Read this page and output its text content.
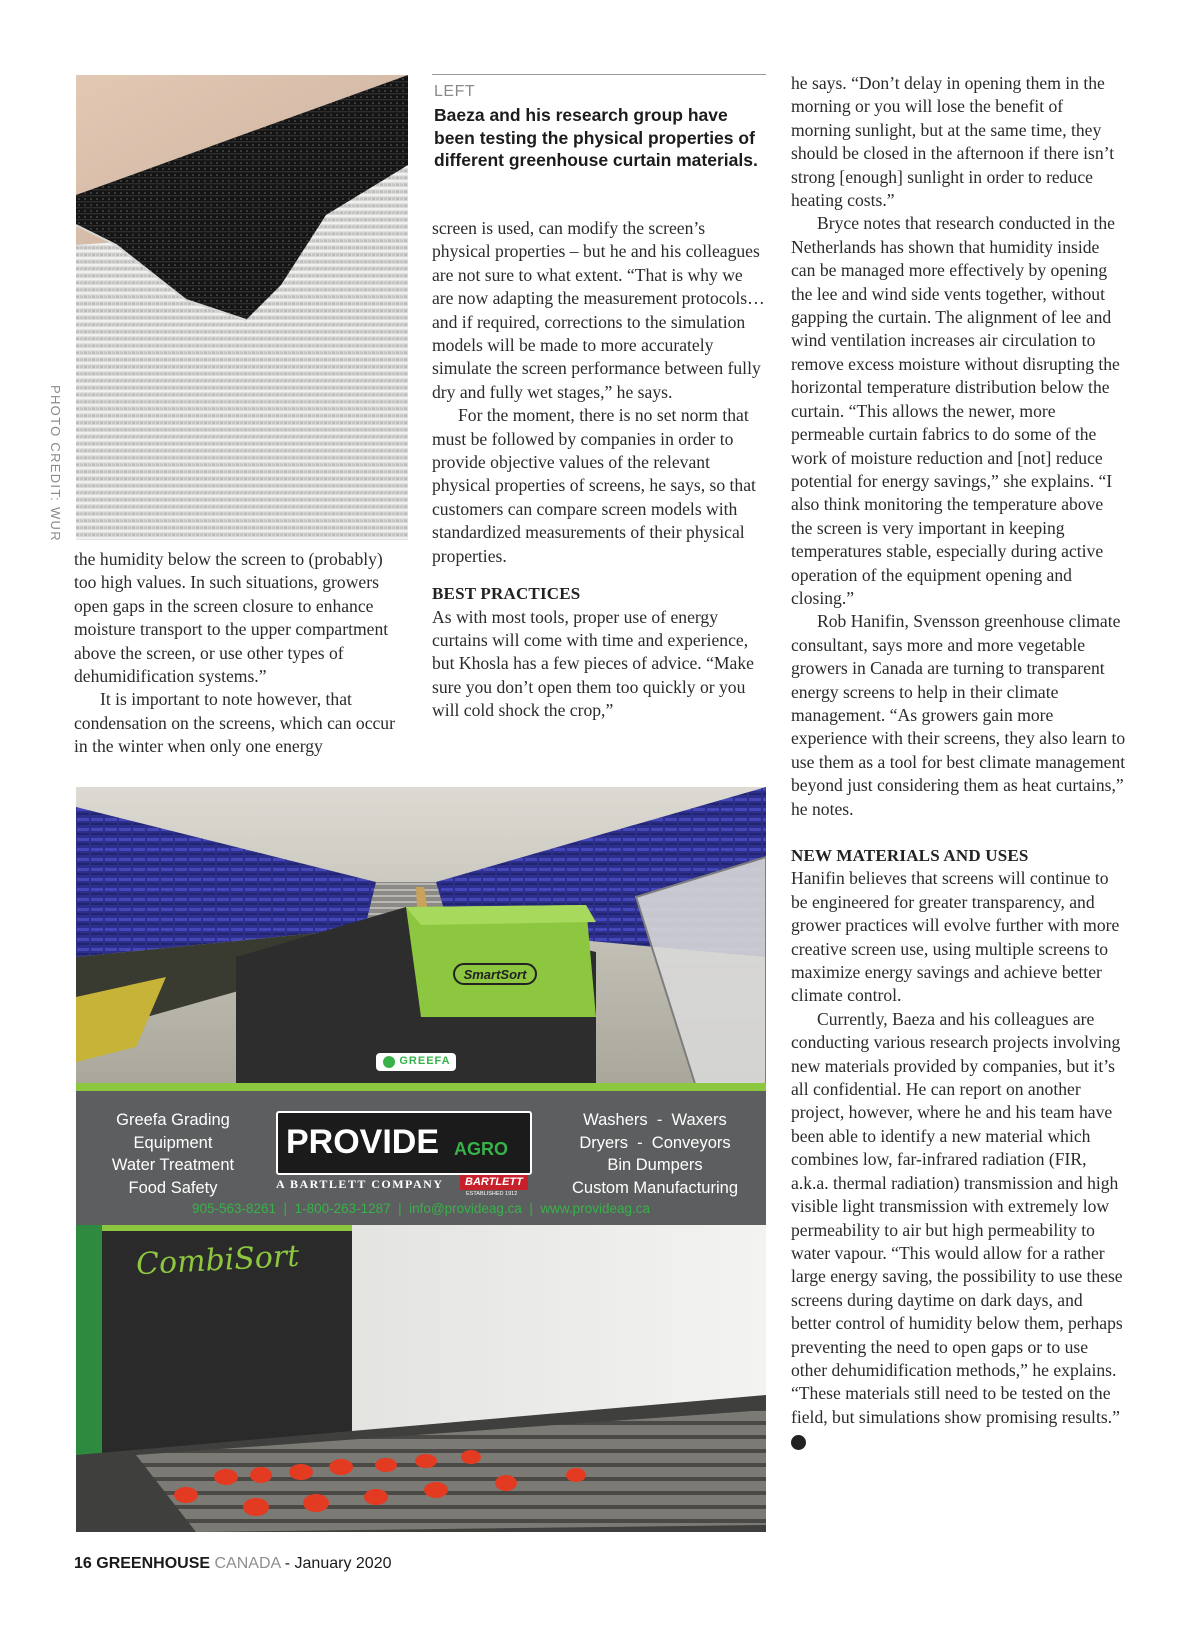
PHOTO CREDIT: WUR
LEFT
Baeza and his research group have been testing the physical properties of different greenhouse curtain materials.

the humidity below the screen to (probably) too high values. In such situations, growers open gaps in the screen closure to enhance moisture transport to the upper compartment above the screen, or use other types of dehumidification systems.”

It is important to note however, that condensation on the screens, which can occur in the winter when only one energy

screen is used, can modify the screen’s physical properties – but he and his colleagues are not sure to what extent. “That is why we are now adapting the measurement protocols…and if required, corrections to the simulation models will be made to more accurately simulate the screen performance between fully dry and fully wet stages,” he says.

For the moment, there is no set norm that must be followed by companies in order to provide objective values of the relevant physical properties of screens, he says, so that customers can compare screen models with standardized measurements of their physical properties.

BEST PRACTICES

As with most tools, proper use of energy curtains will come with time and experience, but Khosla has a few pieces of advice. “Make sure you don’t open them too quickly or you will cold shock the crop,”

he says. “Don’t delay in opening them in the morning or you will lose the benefit of morning sunlight, but at the same time, they should be closed in the afternoon if there isn’t strong [enough] sunlight in order to reduce heating costs.”

Bryce notes that research conducted in the Netherlands has shown that humidity inside can be managed more effectively by opening the lee and wind side vents together, without gapping the curtain. The alignment of lee and wind ventilation increases air circulation to remove excess moisture without disrupting the horizontal temperature distribution below the curtain. “This allows the newer, more permeable curtain fabrics to do some of the work of moisture reduction and [not] reduce potential for energy savings,” she explains. “I also think monitoring the temperature above the screen is very important in keeping temperatures stable, especially during active operation of the equipment opening and closing.”

Rob Hanifin, Svensson greenhouse climate consultant, says more and more vegetable growers in Canada are turning to transparent energy screens to help in their climate management. “As growers gain more experience with their screens, they also learn to use them as a tool for best climate management beyond just considering them as heat curtains,” he notes.

NEW MATERIALS AND USES

Hanifin believes that screens will continue to be engineered for greater transparency, and grower practices will evolve further with more creative screen use, using multiple screens to maximize energy savings and achieve better climate control.

Currently, Baeza and his colleagues are conducting various research projects involving new materials provided by companies, but it’s all confidential. He can report on another project, however, where he and his team have been able to identify a new material which combines low, far-infrared radiation (FIR, a.k.a. thermal radiation) transmission and high visible light transmission with extremely low permeability to air but high permeability to water vapour. “This would allow for a rather large energy saving, the possibility to use these screens during daytime on dark days, and better control of humidity below them, perhaps preventing the need to open gaps or to use other dehumidification methods,” he explains. “These materials still need to be tested on the field, but simulations show promising results.” GC

SmartSort
GREEFA
Greefa Grading
Equipment
Water Treatment
Food Safety
PROVIDE AGRO
A BARTLETT COMPANY	BARTLETT
ESTABLISHED 1912
Washers  -  Waxers
Dryers  -  Conveyors
Bin Dumpers
Custom Manufacturing
905-563-8261  |  1-800-263-1287  |  info@provideag.ca  |  www.provideag.ca
CombiSort
16 GREENHOUSE CANADA - January 2020
